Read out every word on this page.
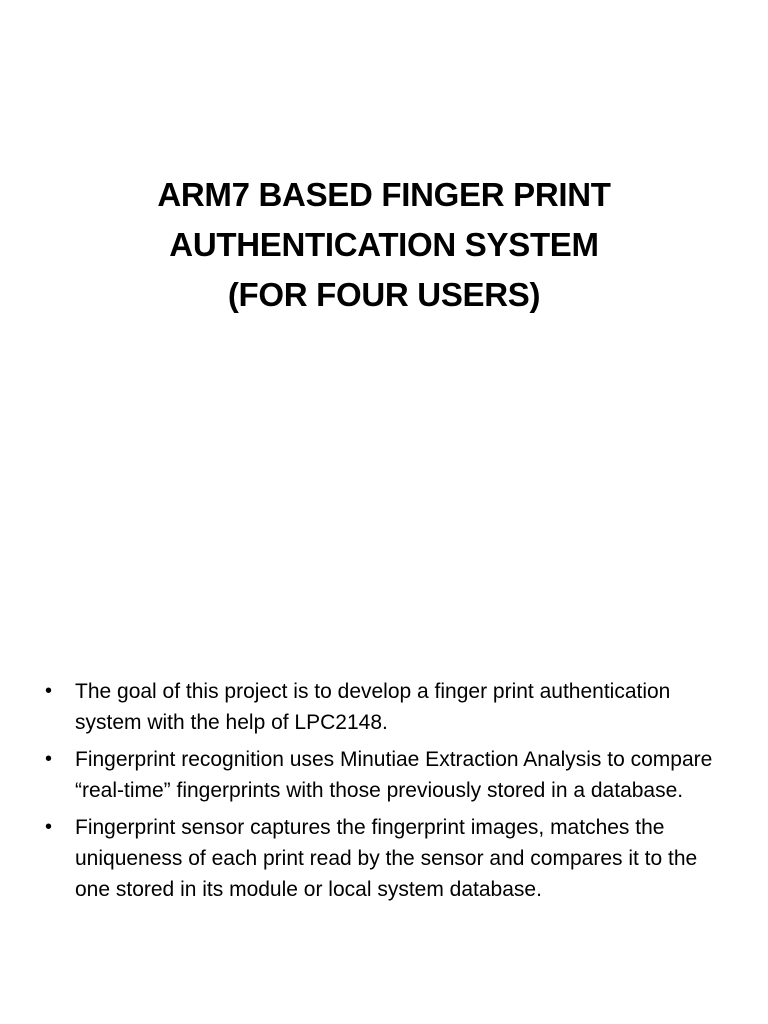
ARM7 BASED FINGER PRINT
AUTHENTICATION SYSTEM
(FOR FOUR USERS)
•	The goal of this project is to develop a finger print authentication system with the help of LPC2148.
•	Fingerprint recognition uses Minutiae Extraction Analysis to compare “real-time” fingerprints with those previously stored in a database.
•	Fingerprint sensor captures the fingerprint images, matches the uniqueness of each print read by the sensor and compares it to the one stored in its module or local system database.
